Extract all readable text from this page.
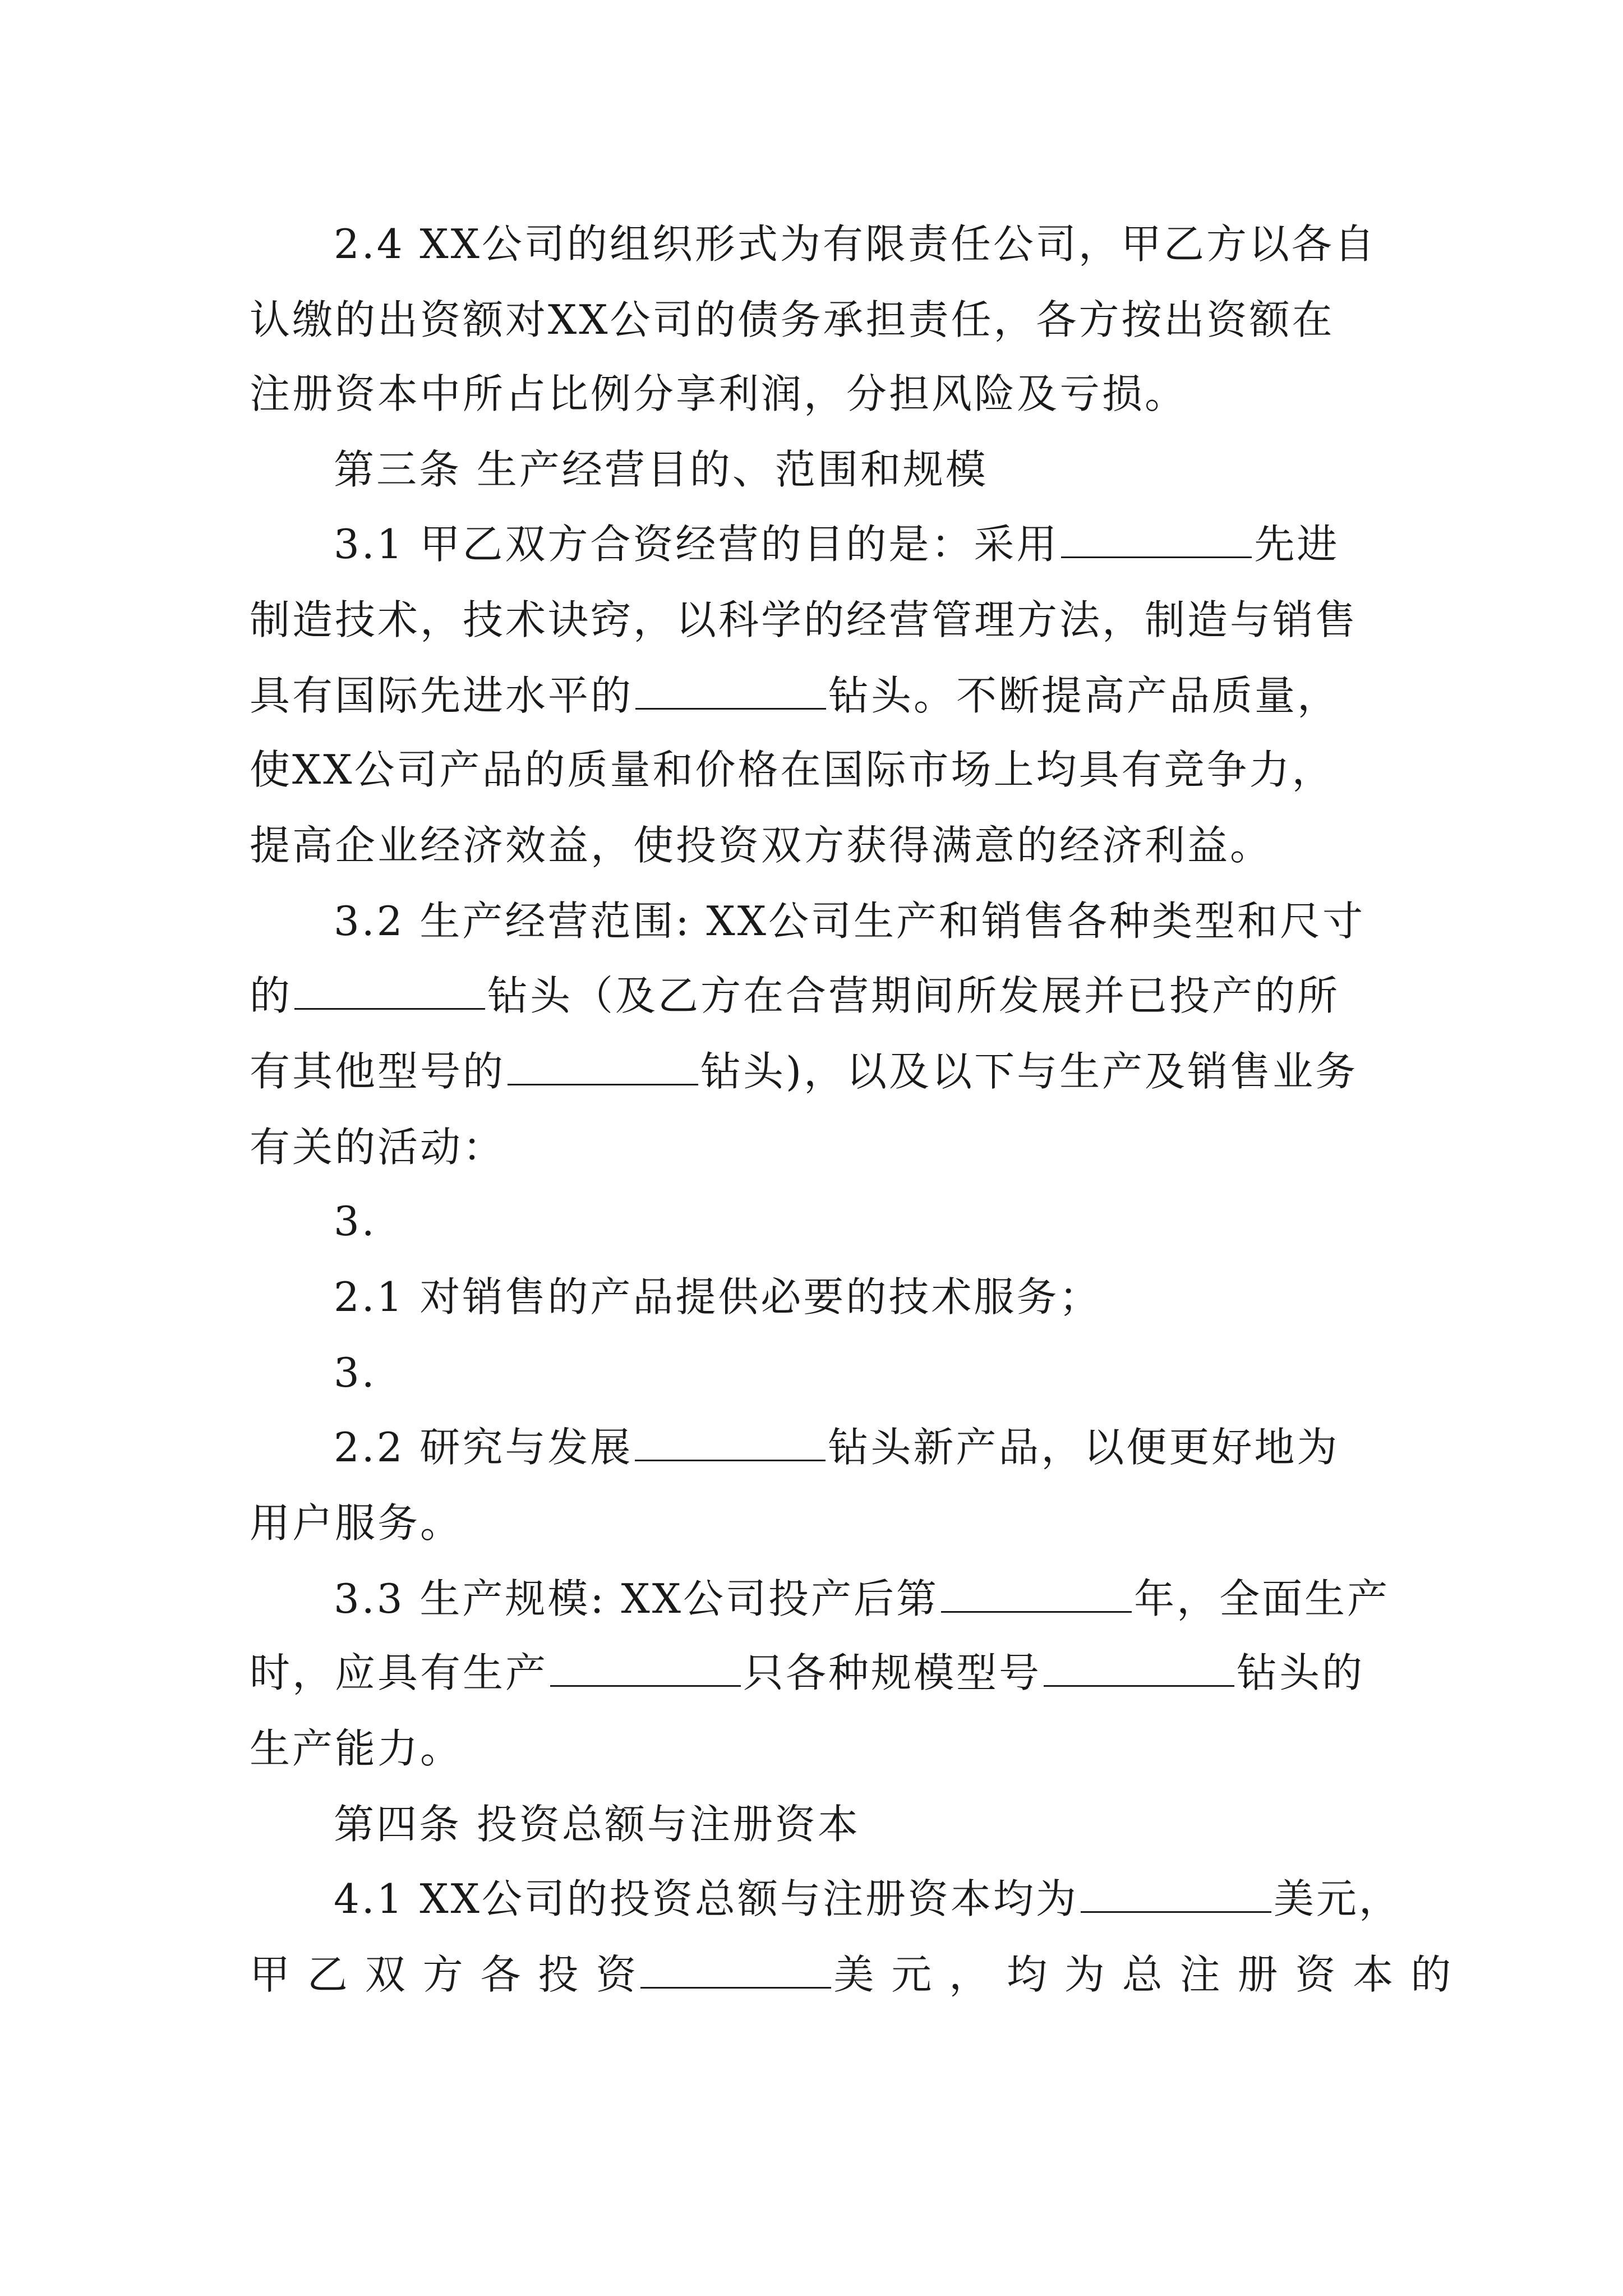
2.4 XX公司的组织形式为有限责任公司，甲乙方以各自
认缴的出资额对XX公司的债务承担责任，各方按出资额在
注册资本中所占比例分享利润，分担风险及亏损。
第三条 生产经营目的、范围和规模
3.1 甲乙双方合资经营的目的是：采用	先进
制造技术，技术诀窍，以科学的经营管理方法，制造与销售
具有国际先进水平的	钻头。不断提高产品质量，
使XX公司产品的质量和价格在国际市场上均具有竞争力，
提高企业经济效益，使投资双方获得满意的经济利益。
3.2 生产经营范围: XX公司生产和销售各种类型和尺寸
的	钻头（及乙方在合营期间所发展并已投产的所
有其他型号的	钻头)，以及以下与生产及销售业务
有关的活动：
3.
2.1 对销售的产品提供必要的技术服务；
3.
2.2 研究与发展	钻头新产品，以便更好地为
用户服务。
3.3 生产规模: XX公司投产后第	年，全面生产
时，应具有生产	只各种规模型号	钻头的
生产能力。
第四条 投资总额与注册资本
4.1 XX公司的投资总额与注册资本均为	美元，
甲 乙 双 方 各 投 资	美 元 ， 均 为 总 注 册 资 本 的
